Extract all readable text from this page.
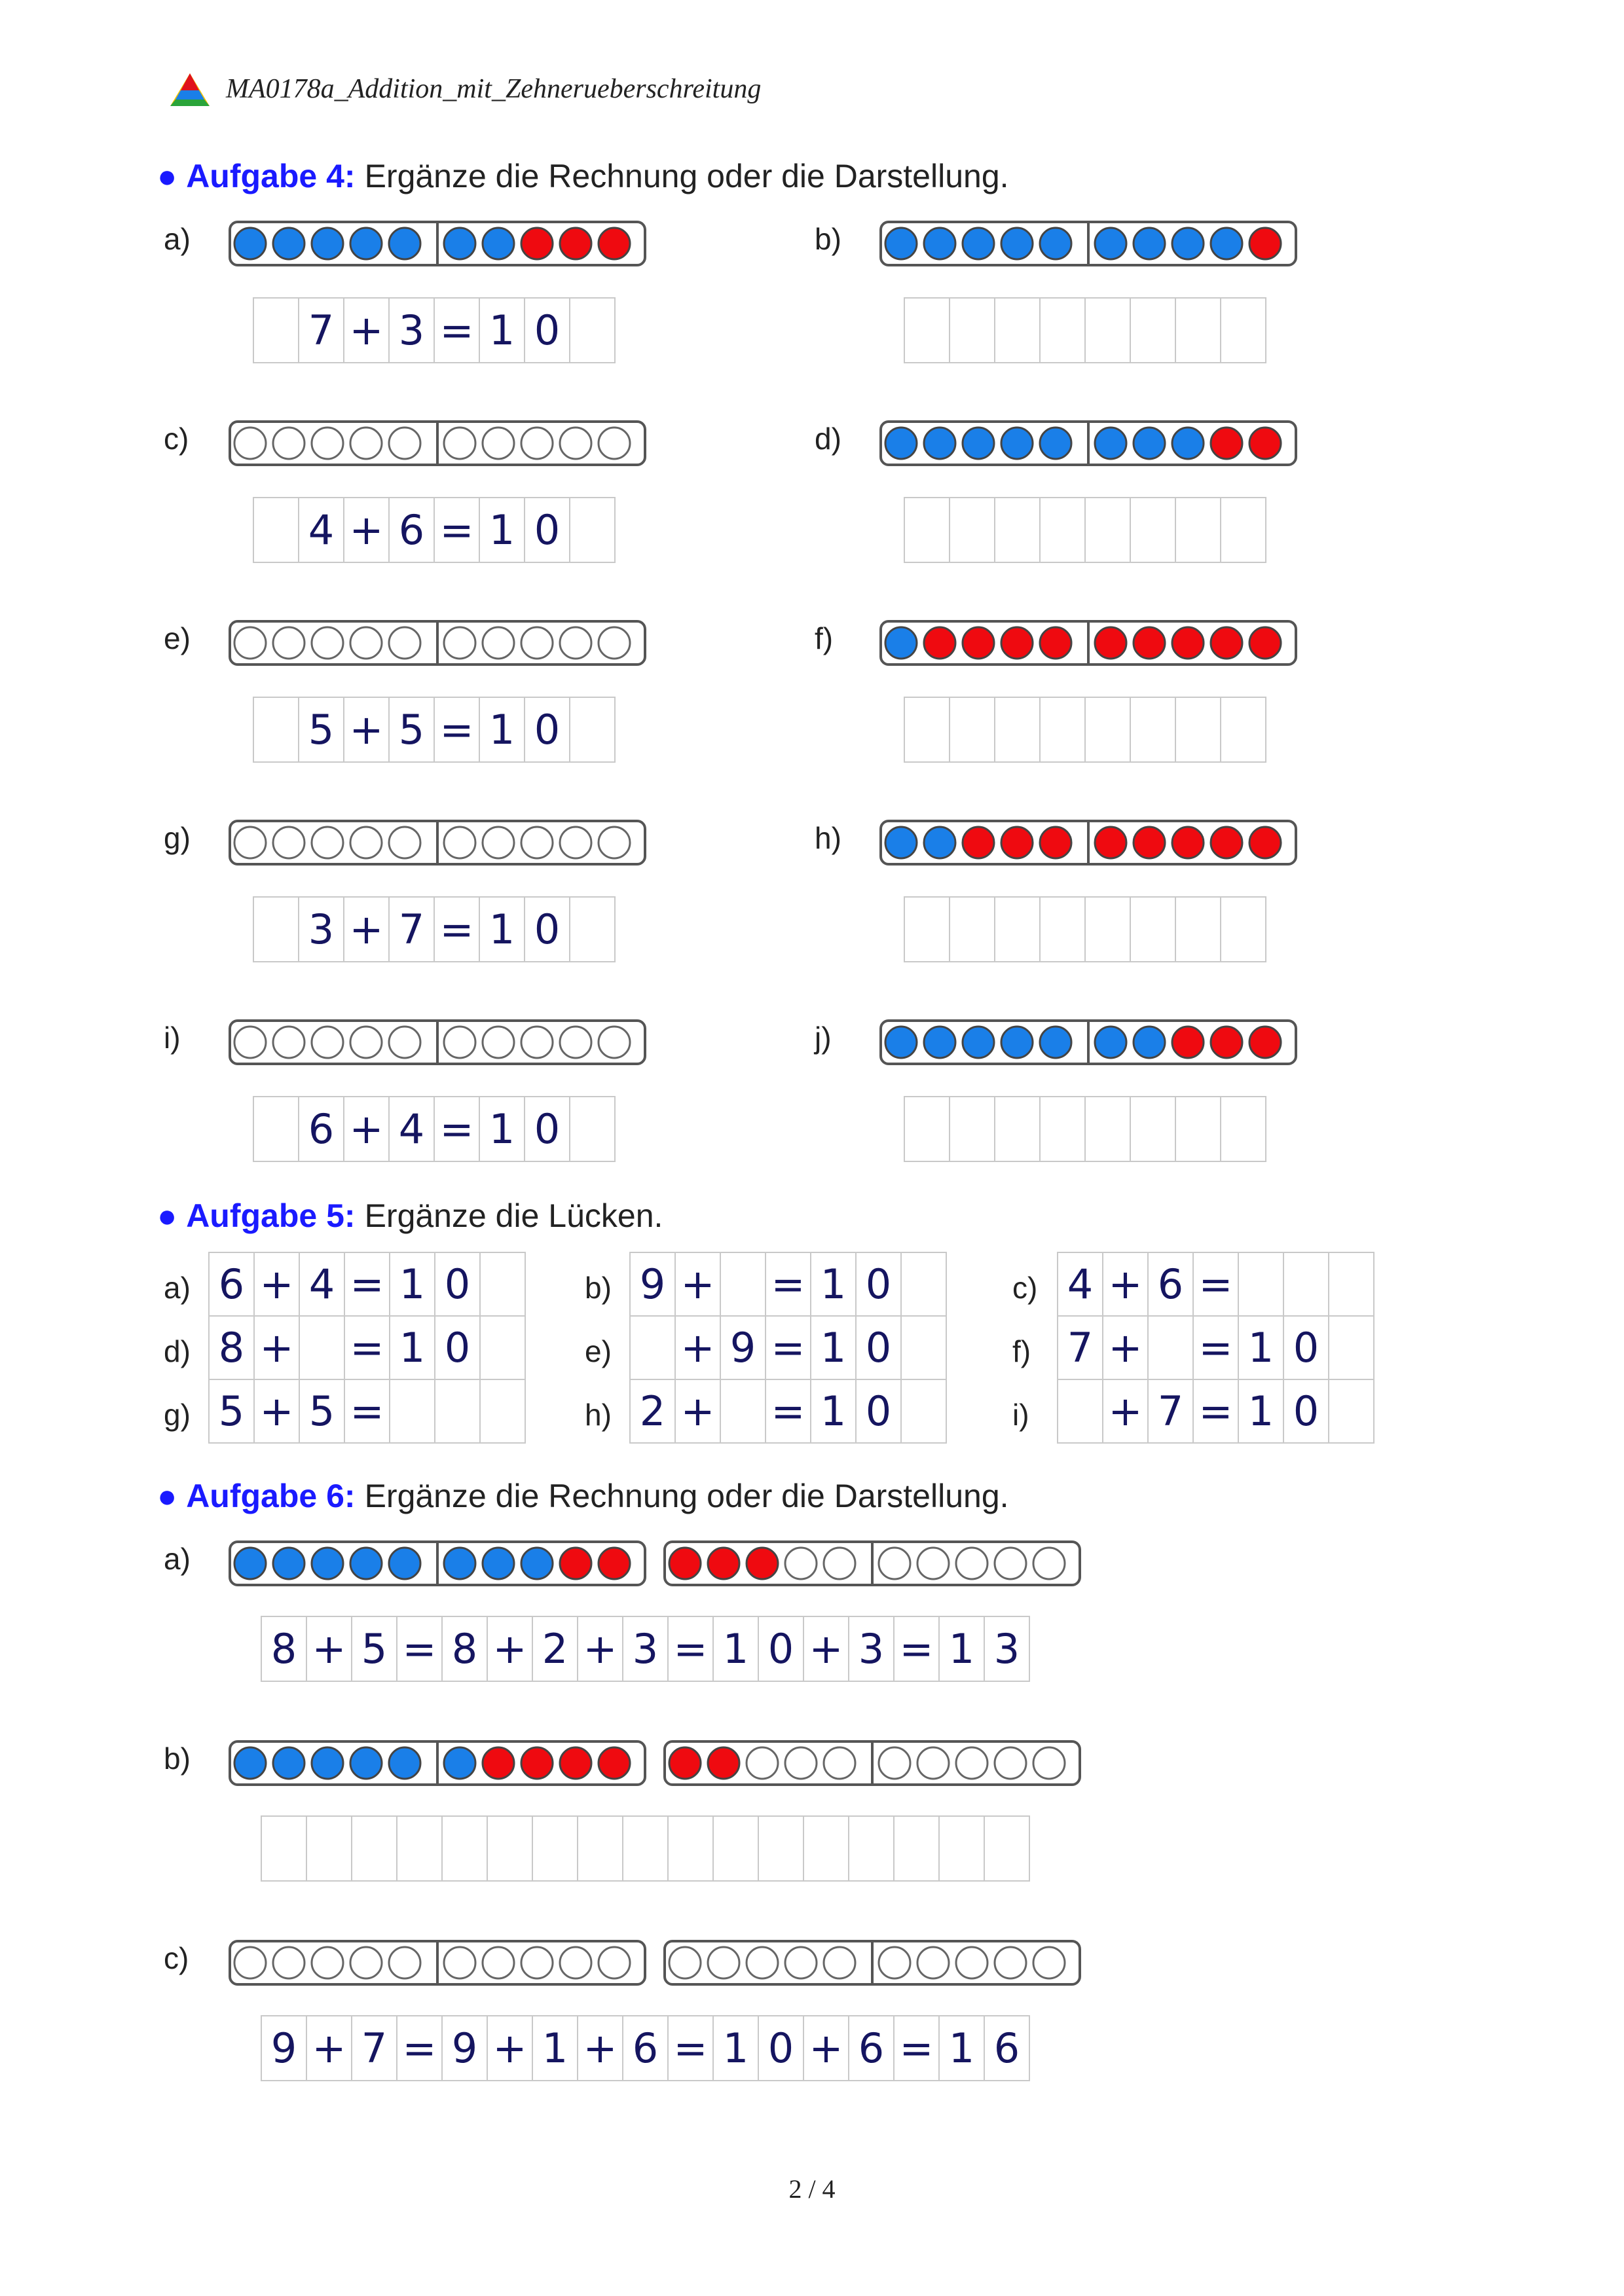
MA0178a_Addition_mit_Zehnerueberschreitung
● Aufgabe 4: Ergänze die Rechnung oder die Darstellung.
● Aufgabe 5: Ergänze die Lücken.
● Aufgabe 6: Ergänze die Rechnung oder die Darstellung.
2 / 4
a)
7 + 3 = 1 0
b)
c)
4 + 6 = 1 0
d)
e)
5 + 5 = 1 0
f)
g)
3 + 7 = 1 0
h)
i)
6 + 4 = 1 0
j)
a)
d)
g)
6 + 4 = 1 0
8 + = 1 0
5 + 5 =
b)
e)
h)
9 + = 1 0
+ 9 = 1 0
2 + = 1 0
c)
f)
i)
4 + 6 =
7 + = 1 0
+ 7 = 1 0
a)
8 + 5 = 8 + 2 + 3 = 1 0 + 3 = 1 3
b)
c)
9 + 7 = 9 + 1 + 6 = 1 0 + 6 = 1 6
